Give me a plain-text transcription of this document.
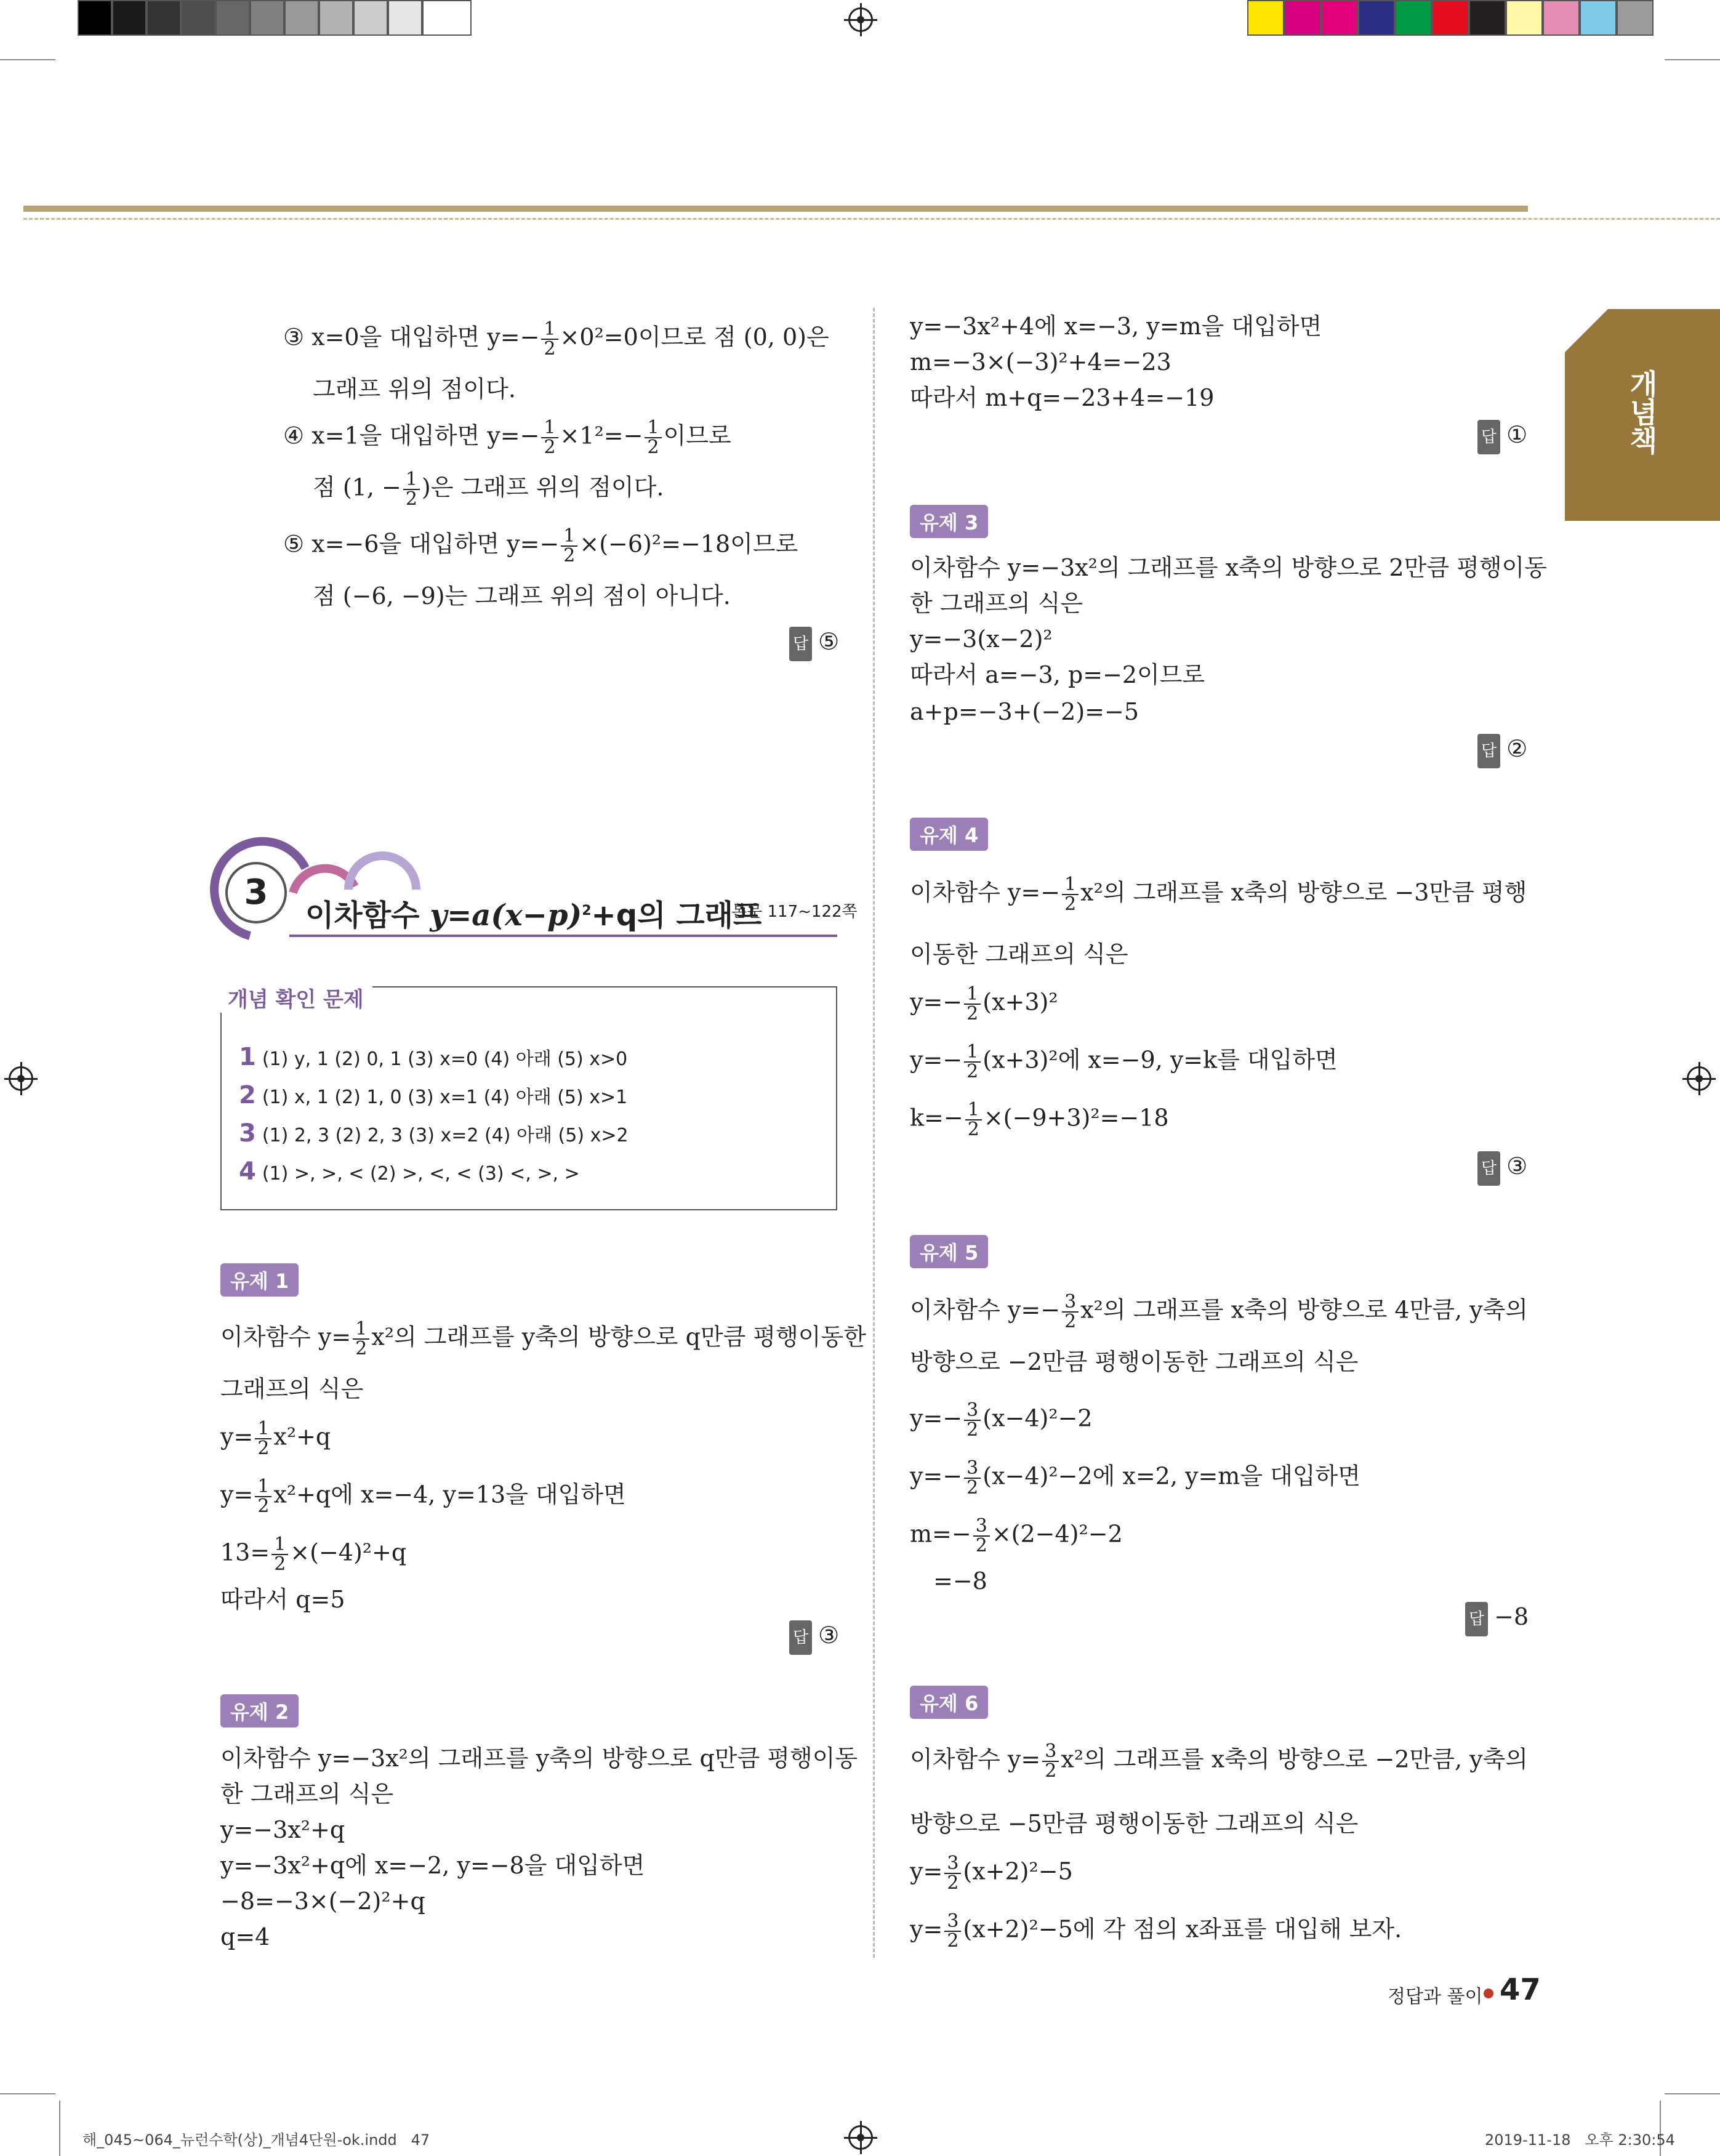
개념책
③ x=0을 대입하면 $y=- \frac{1}{2} \times 0^2=0$이므로 점 (0, 0)은
그래프 위의 점이다.
④ x=1을 대입하면 $y=- \frac{1}{2} \times 1^2=- \frac{1}{2}$ 이므로
점 (1, − $\frac{1}{2}$ )은 그래프 위의 점이다.
⑤ x=−6을 대입하면 $y=- \frac{1}{2} \times(-6)^2=-18$이므로
점 (−6, −9)는 그래프 위의 점이 아니다.
답 ⑤
3
이차함수 $y=a(x-p)^2+q$의 그래프
본문 117~122쪽
개념 확인 문제
1 (1) y, 1 (2) 0, 1 (3) x=0 (4) 아래 (5) x>0
2 (1) x, 1 (2) 1, 0 (3) x=1 (4) 아래 (5) x>1
3 (1) 2, 3 (2) 2, 3 (3) x=2 (4) 아래 (5) x>2
4 (1) >, >, < (2) >, <, < (3) <, >, >
유제 1
이차함수 $y= \frac{1}{2} x^2$의 그래프를 y축의 방향으로 q만큼 평행이동한
그래프의 식은
$y= \frac{1}{2} x^2+q$
$y= \frac{1}{2} x^2+q$에 x=−4, y=13을 대입하면
$13= \frac{1}{2} \times(-4)^2+q$
따라서 q=5
답 ③
유제 2
이차함수 y=−3x²의 그래프를 y축의 방향으로 q만큼 평행이동
한 그래프의 식은
y=−3x²+q
y=−3x²+q에 x=−2, y=−8을 대입하면
−8=−3×(−2)²+q
q=4
y=−3x²+4에 x=−3, y=m을 대입하면
m=−3×(−3)²+4=−23
따라서 m+q=−23+4=−19
답 ①
유제 3
이차함수 y=−3x²의 그래프를 x축의 방향으로 2만큼 평행이동
한 그래프의 식은
y=−3(x−2)²
따라서 a=−3, p=−2이므로
a+p=−3+(−2)=−5
답 ②
유제 4
이차함수 $y=- \frac{1}{2} x^2$의 그래프를 x축의 방향으로 −3만큼 평행
이동한 그래프의 식은
$y=- \frac{1}{2} (x+3)^2$
$y=- \frac{1}{2} (x+3)^2$에 x=−9, y=k를 대입하면
$k=- \frac{1}{2} \times(-9+3)^2=-18$
답 ③
유제 5
이차함수 $y=- \frac{3}{2} x^2$의 그래프를 x축의 방향으로 4만큼, y축의
방향으로 −2만큼 평행이동한 그래프의 식은
$y=- \frac{3}{2} (x-4)^2-2$
$y=- \frac{3}{2} (x-4)^2-2$에 x=2, y=m을 대입하면
$m=- \frac{3}{2} \times(2-4)^2-2$
=−8
답 −8
유제 6
이차함수 $y= \frac{3}{2} x^2$의 그래프를 x축의 방향으로 −2만큼, y축의
방향으로 −5만큼 평행이동한 그래프의 식은
$y= \frac{3}{2} (x+2)^2-5$
$y= \frac{3}{2} (x+2)^2-5$에 각 점의 x좌표를 대입해 보자.
정답과 풀이 47
해_045~064_뉴런수학(상)_개념4단원-ok.indd   47	2019-11-18   오후 2:30:54
